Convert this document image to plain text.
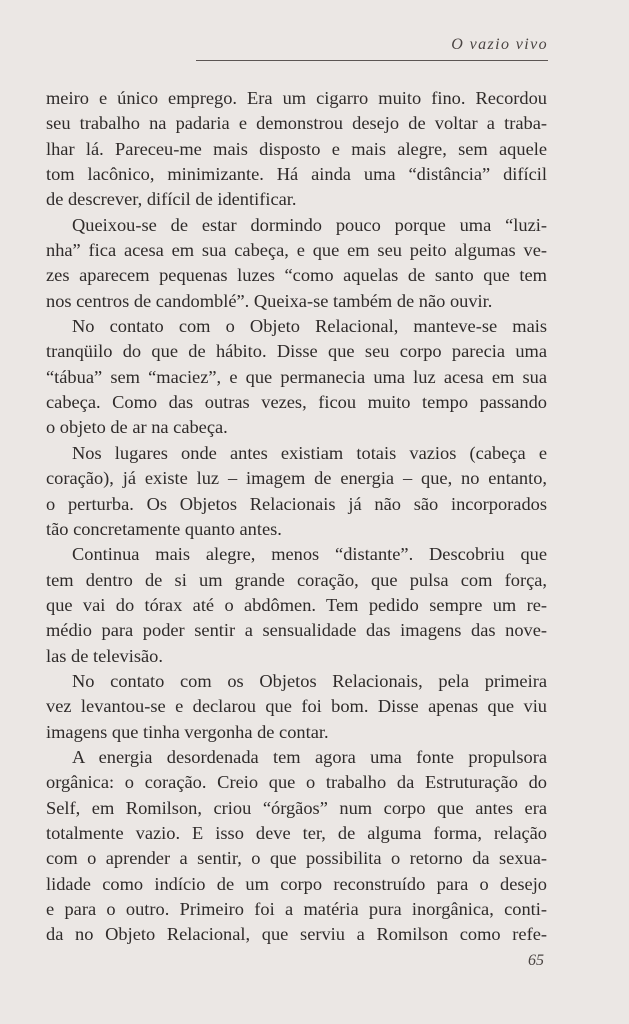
O vazio vivo
meiro e único emprego. Era um cigarro muito fino. Recordou
seu trabalho na padaria e demonstrou desejo de voltar a traba-
lhar lá. Pareceu-me mais disposto e mais alegre, sem aquele
tom lacônico, minimizante. Há ainda uma “distância” difícil
de descrever, difícil de identificar.
Queixou-se de estar dormindo pouco porque uma “luzi-
nha” fica acesa em sua cabeça, e que em seu peito algumas ve-
zes aparecem pequenas luzes “como aquelas de santo que tem
nos centros de candomblé”. Queixa-se também de não ouvir.
No contato com o Objeto Relacional, manteve-se mais
tranqüilo do que de hábito. Disse que seu corpo parecia uma
“tábua” sem “maciez”, e que permanecia uma luz acesa em sua
cabeça. Como das outras vezes, ficou muito tempo passando
o objeto de ar na cabeça.
Nos lugares onde antes existiam totais vazios (cabeça e
coração), já existe luz – imagem de energia – que, no entanto,
o perturba. Os Objetos Relacionais já não são incorporados
tão concretamente quanto antes.
Continua mais alegre, menos “distante”. Descobriu que
tem dentro de si um grande coração, que pulsa com força,
que vai do tórax até o abdômen. Tem pedido sempre um re-
médio para poder sentir a sensualidade das imagens das nove-
las de televisão.
No contato com os Objetos Relacionais, pela primeira
vez levantou-se e declarou que foi bom. Disse apenas que viu
imagens que tinha vergonha de contar.
A energia desordenada tem agora uma fonte propulsora
orgânica: o coração. Creio que o trabalho da Estruturação do
Self, em Romilson, criou “órgãos” num corpo que antes era
totalmente vazio. E isso deve ter, de alguma forma, relação
com o aprender a sentir, o que possibilita o retorno da sexua-
lidade como indício de um corpo reconstruído para o desejo
e para o outro. Primeiro foi a matéria pura inorgânica, conti-
da no Objeto Relacional, que serviu a Romilson como refe-
65
